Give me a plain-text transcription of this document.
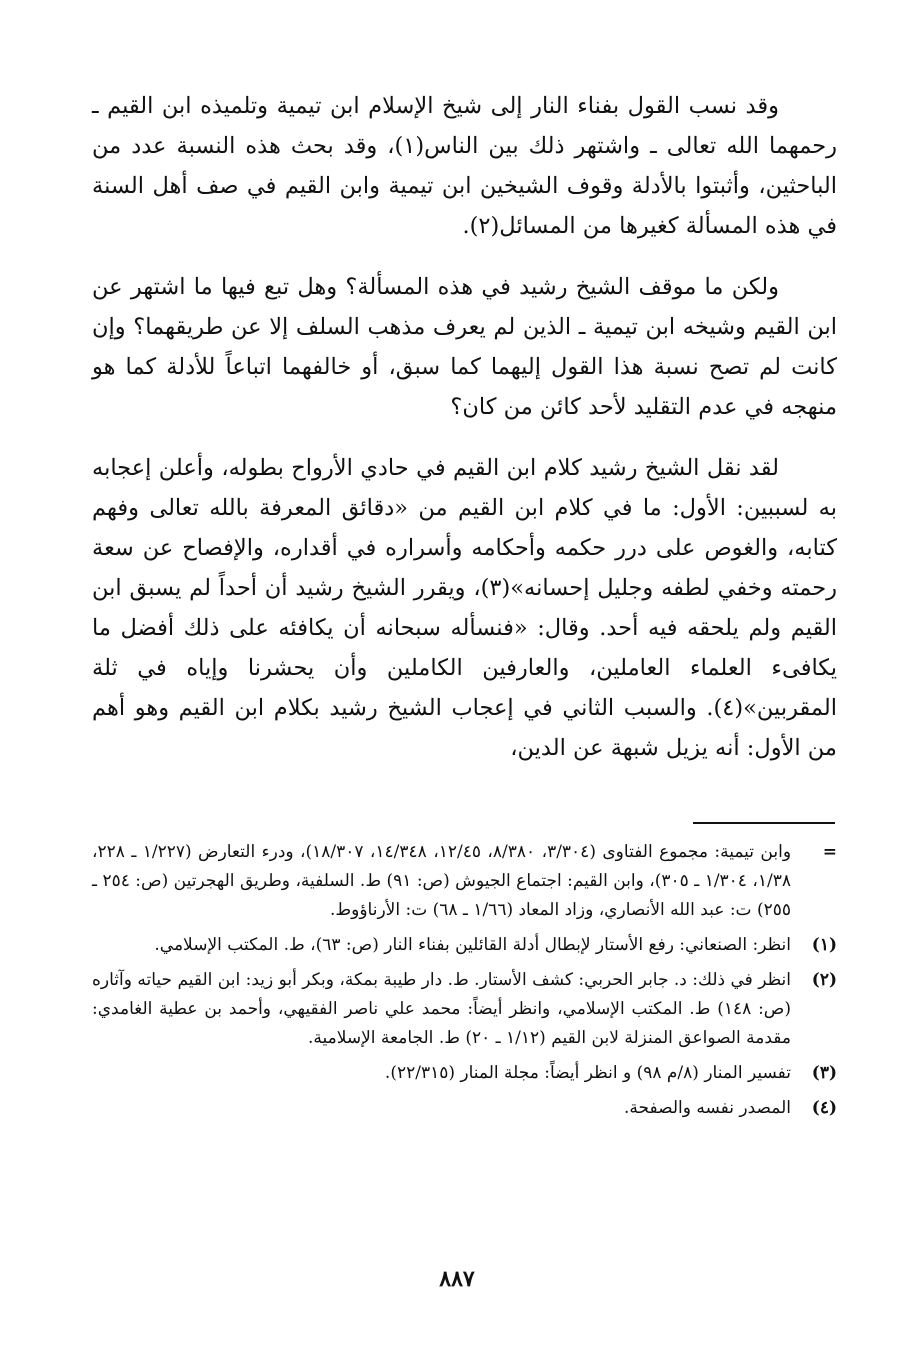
وقد نسب القول بفناء النار إلى شيخ الإسلام ابن تيمية وتلميذه ابن القيم ـ رحمهما الله تعالى ـ واشتهر ذلك بين الناس(١)، وقد بحث هذه النسبة عدد من الباحثين، وأثبتوا بالأدلة وقوف الشيخين ابن تيمية وابن القيم في صف أهل السنة في هذه المسألة كغيرها من المسائل(٢).

ولكن ما موقف الشيخ رشيد في هذه المسألة؟ وهل تبع فيها ما اشتهر عن ابن القيم وشيخه ابن تيمية ـ الذين لم يعرف مذهب السلف إلا عن طريقهما؟ وإن كانت لم تصح نسبة هذا القول إليهما كما سبق، أو خالفهما اتباعاً للأدلة كما هو منهجه في عدم التقليد لأحد كائن من كان؟

لقد نقل الشيخ رشيد كلام ابن القيم في حادي الأرواح بطوله، وأعلن إعجابه به لسببين: الأول: ما في كلام ابن القيم من «دقائق المعرفة بالله تعالى وفهم كتابه، والغوص على درر حكمه وأحكامه وأسراره في أقداره، والإفصاح عن سعة رحمته وخفي لطفه وجليل إحسانه»(٣)، ويقرر الشيخ رشيد أن أحداً لم يسبق ابن القيم ولم يلحقه فيه أحد. وقال: «فنسأله سبحانه أن يكافئه على ذلك أفضل ما يكافىء العلماء العاملين، والعارفين الكاملين وأن يحشرنا وإياه في ثلة المقربين»(٤). والسبب الثاني في إعجاب الشيخ رشيد بكلام ابن القيم وهو أهم من الأول: أنه يزيل شبهة عن الدين،

=
وابن تيمية: مجموع الفتاوى (٣/٣٠٤، ٨/٣٨٠، ١٢/٤٥، ١٤/٣٤٨، ١٨/٣٠٧)، ودرء التعارض (١/٢٢٧ ـ ٢٢٨، ١/٣٨، ١/٣٠٤ ـ ٣٠٥)، وابن القيم: اجتماع الجيوش (ص: ٩١) ط. السلفية، وطريق الهجرتين (ص: ٢٥٤ ـ ٢٥٥) ت: عبد الله الأنصاري، وزاد المعاد (١/٦٦ ـ ٦٨) ت: الأرناؤوط.
(١)
انظر: الصنعاني: رفع الأستار لإبطال أدلة القائلين بفناء النار (ص: ٦٣)، ط. المكتب الإسلامي.
(٢)
انظر في ذلك: د. جابر الحربي: كشف الأستار. ط. دار طيبة بمكة، وبكر أبو زيد: ابن القيم حياته وآثاره (ص: ١٤٨) ط. المكتب الإسلامي، وانظر أيضاً: محمد علي ناصر الفقيهي، وأحمد بن عطية الغامدي: مقدمة الصواعق المنزلة لابن القيم (١/١٢ ـ ٢٠) ط. الجامعة الإسلامية.
(٣)
تفسير المنار (٨/م ٩٨) و انظر أيضاً: مجلة المنار (٢٢/٣١٥).
(٤)
المصدر نفسه والصفحة.
٨٨٧
